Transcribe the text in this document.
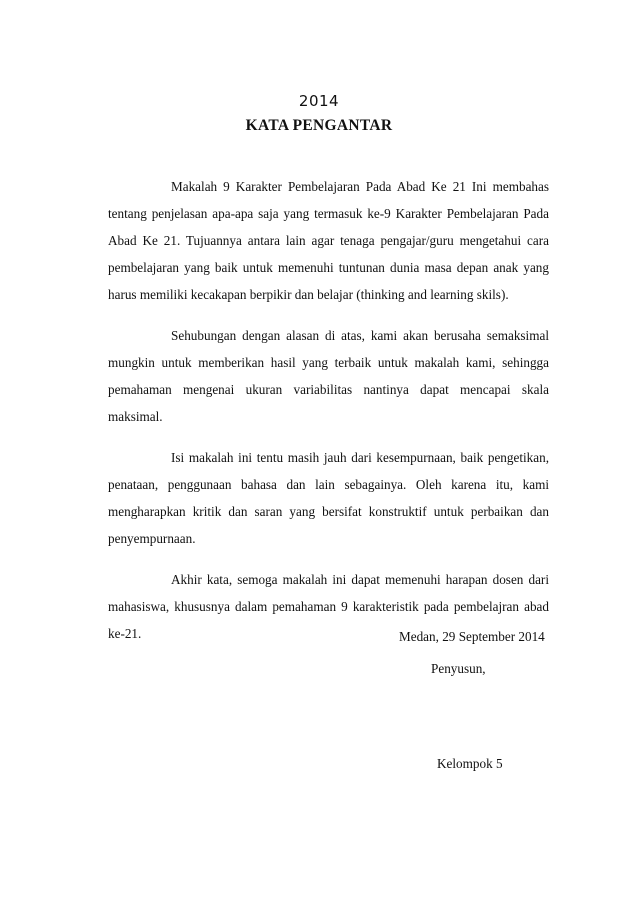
2014
KATA PENGANTAR

Makalah 9 Karakter Pembelajaran Pada Abad Ke 21 Ini membahas tentang penjelasan apa-apa saja yang termasuk ke-9 Karakter Pembelajaran Pada Abad Ke 21. Tujuannya antara lain agar tenaga pengajar/guru mengetahui cara pembelajaran yang baik untuk memenuhi tuntunan dunia masa depan anak yang harus memiliki kecakapan berpikir dan belajar (thinking and learning skils).

Sehubungan dengan alasan di atas, kami akan berusaha semaksimal mungkin untuk memberikan hasil yang terbaik untuk makalah kami, sehingga pemahaman mengenai ukuran variabilitas nantinya dapat mencapai skala maksimal.

Isi makalah ini tentu masih jauh dari kesempurnaan, baik pengetikan, penataan, penggunaan bahasa dan lain sebagainya. Oleh karena itu, kami mengharapkan kritik dan saran yang bersifat konstruktif untuk perbaikan dan penyempurnaan.

Akhir kata, semoga makalah ini dapat memenuhi harapan dosen dari mahasiswa, khususnya dalam pemahaman 9 karakteristik pada pembelajran abad ke-21.	Medan, 29 September 2014
Penyusun,
Kelompok 5
